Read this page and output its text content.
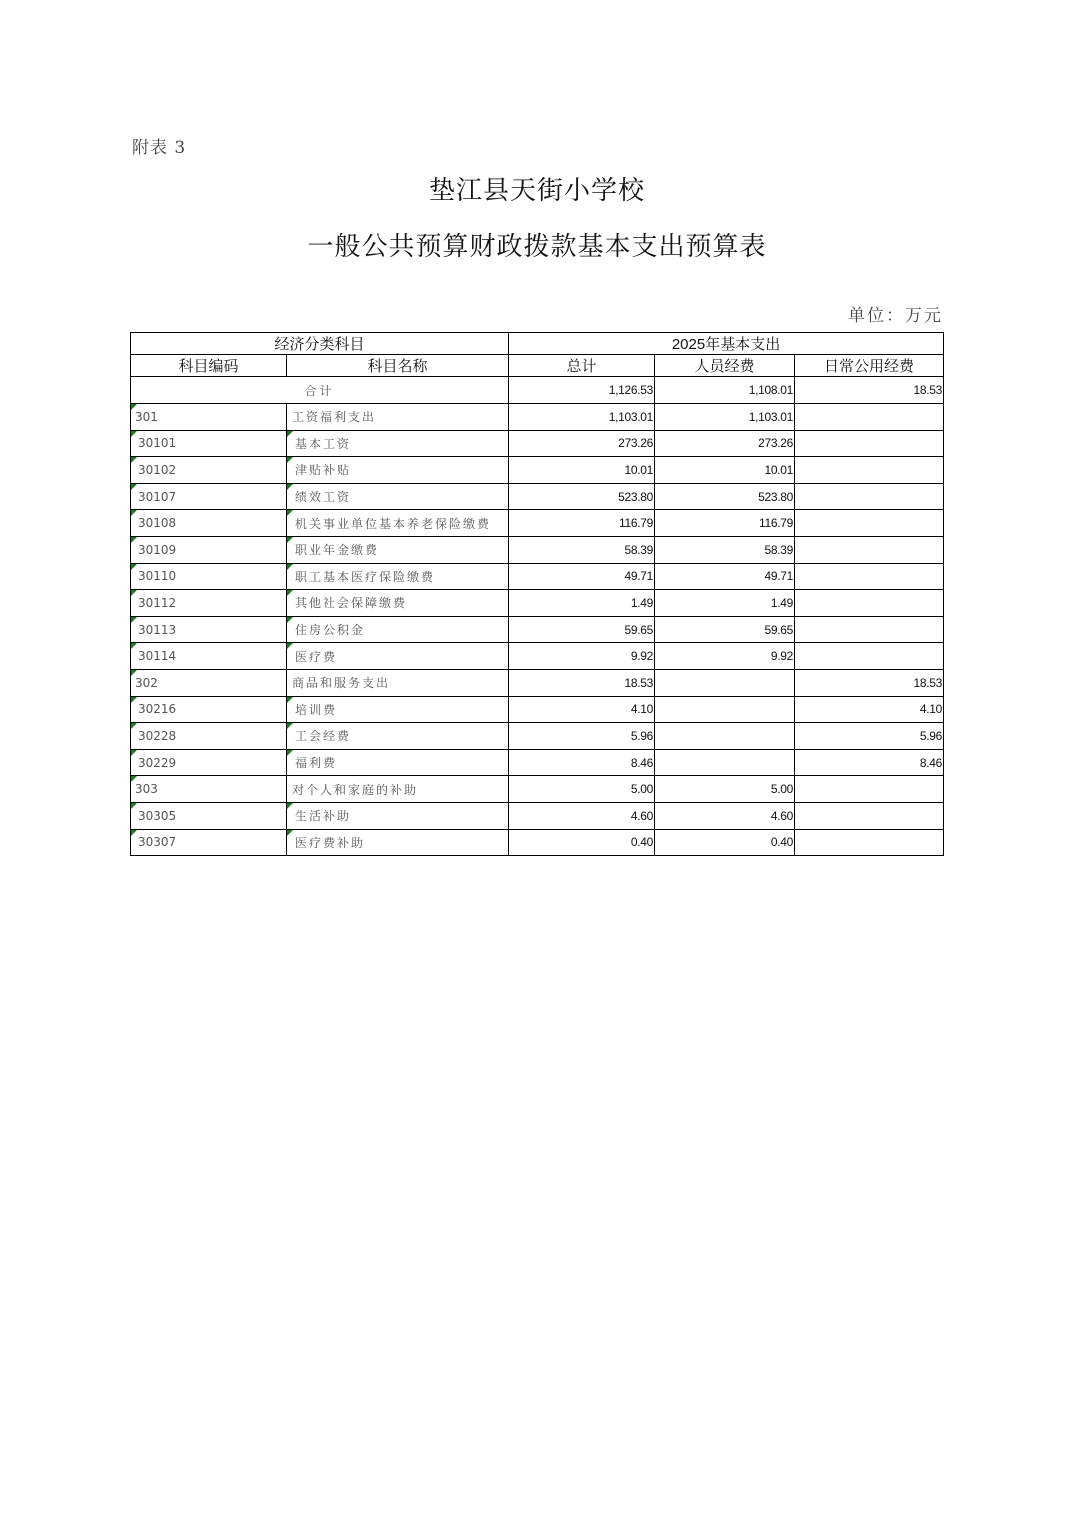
附表 3
垫江县天街小学校
一般公共预算财政拨款基本支出预算表
单位：万元
经济分类科目		2025年基本支出		
科目编码	科目名称	总计	人员经费	日常公用经费
合计		1,126.53	1,108.01	18.53
301	工资福利支出	1,103.01	1,103.01	
30101	基本工资	273.26	273.26	
30102	津贴补贴	10.01	10.01	
30107	绩效工资	523.80	523.80	
30108	机关事业单位基本养老保险缴费	116.79	116.79	
30109	职业年金缴费	58.39	58.39	
30110	职工基本医疗保险缴费	49.71	49.71	
30112	其他社会保障缴费	1.49	1.49	
30113	住房公积金	59.65	59.65	
30114	医疗费	9.92	9.92	
302	商品和服务支出	18.53		18.53
30216	培训费	4.10		4.10
30228	工会经费	5.96		5.96
30229	福利费	8.46		8.46
303	对个人和家庭的补助	5.00	5.00	
30305	生活补助	4.60	4.60	
30307	医疗费补助	0.40	0.40	
